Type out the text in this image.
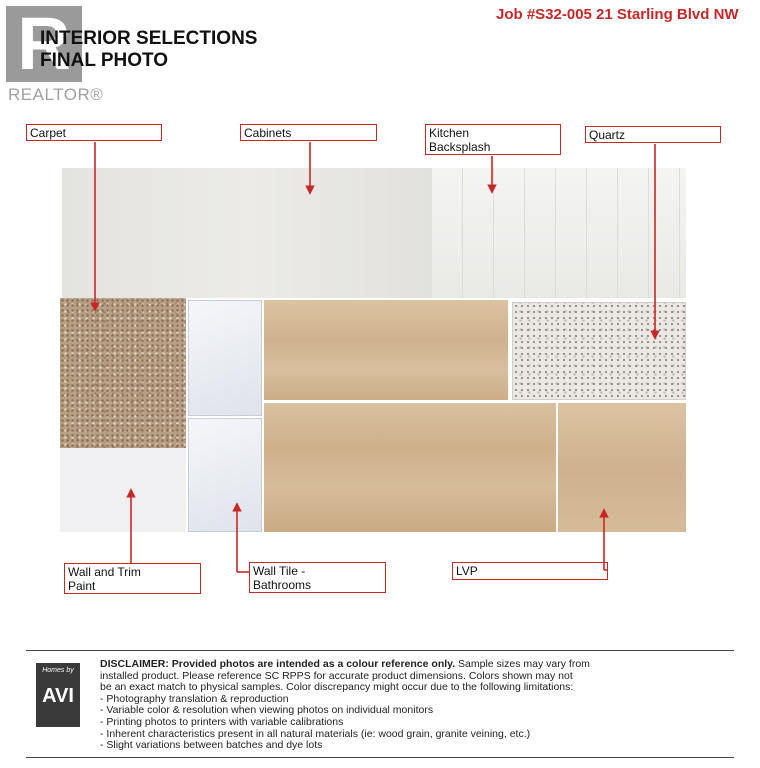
R
REALTOR®
Job #S32-005 21 Starling Blvd NW
INTERIOR SELECTIONS
FINAL PHOTO
Carpet	Cabinets	Kitchen
Backsplash
Quartz
Wall and Trim
Paint
Wall Tile -
Bathrooms
LVP
Homes by
AVI
DISCLAIMER: Provided photos are intended as a colour reference only. Sample sizes may vary from
installed product. Please reference SC RPPS for accurate product dimensions. Colors shown may not
be an exact match to physical samples. Color discrepancy might occur due to the following limitations:
- Photography translation & reproduction
- Variable color & resolution when viewing photos on individual monitors
- Printing photos to printers with variable calibrations
- Inherent characteristics present in all natural materials (ie: wood grain, granite veining, etc.)
- Slight variations between batches and dye lots
